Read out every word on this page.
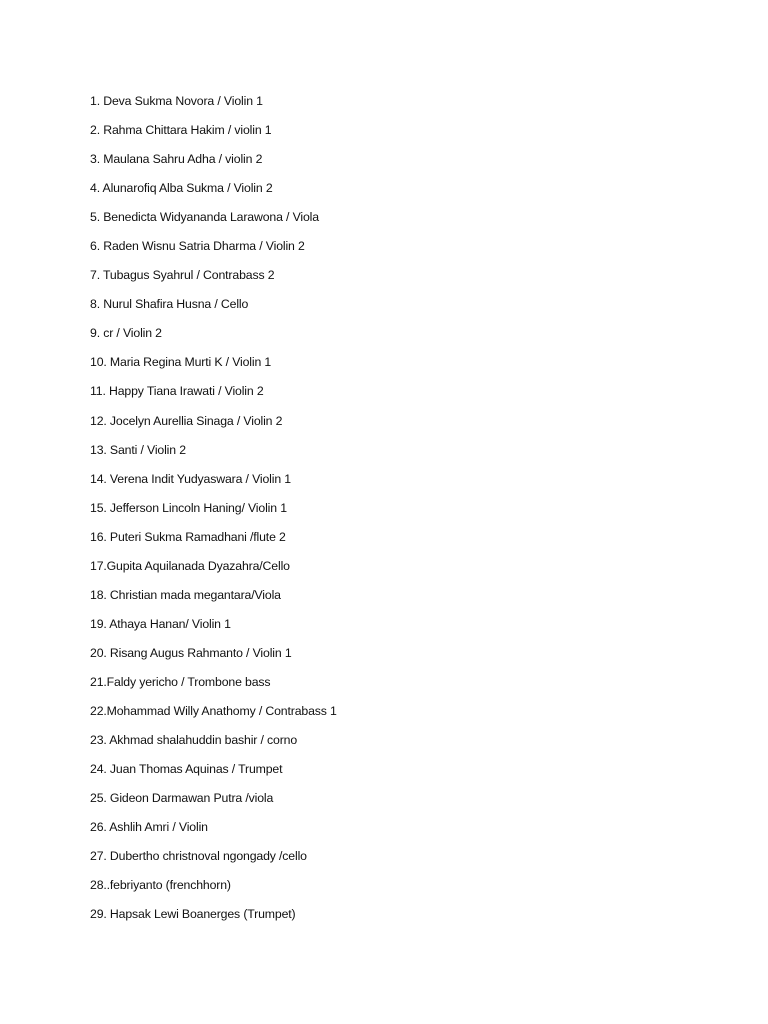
1. Deva Sukma Novora / Violin 1
2. Rahma Chittara Hakim / violin 1
3. Maulana Sahru Adha / violin 2
4. Alunarofiq Alba Sukma / Violin 2
5. Benedicta Widyananda Larawona / Viola
6. Raden Wisnu Satria Dharma / Violin 2
7. Tubagus Syahrul / Contrabass 2
8. Nurul Shafira Husna / Cello
9. cr / Violin 2
10. Maria Regina Murti K / Violin 1
11. Happy Tiana Irawati / Violin 2
12. Jocelyn Aurellia Sinaga / Violin 2
13. Santi / Violin 2
14. Verena Indit Yudyaswara / Violin 1
15. Jefferson Lincoln Haning/ Violin 1
16. Puteri Sukma Ramadhani /flute 2
17.Gupita Aquilanada Dyazahra/Cello
18. Christian mada megantara/Viola
19. Athaya Hanan/ Violin 1
20. Risang Augus Rahmanto / Violin 1
21.Faldy yericho / Trombone bass
22.Mohammad Willy Anathomy / Contrabass 1
23. Akhmad shalahuddin bashir / corno
24. Juan Thomas Aquinas / Trumpet
25. Gideon Darmawan Putra /viola
26. Ashlih Amri / Violin
27. Dubertho christnoval ngongady /cello
28..febriyanto (frenchhorn)
29. Hapsak Lewi Boanerges (Trumpet)
